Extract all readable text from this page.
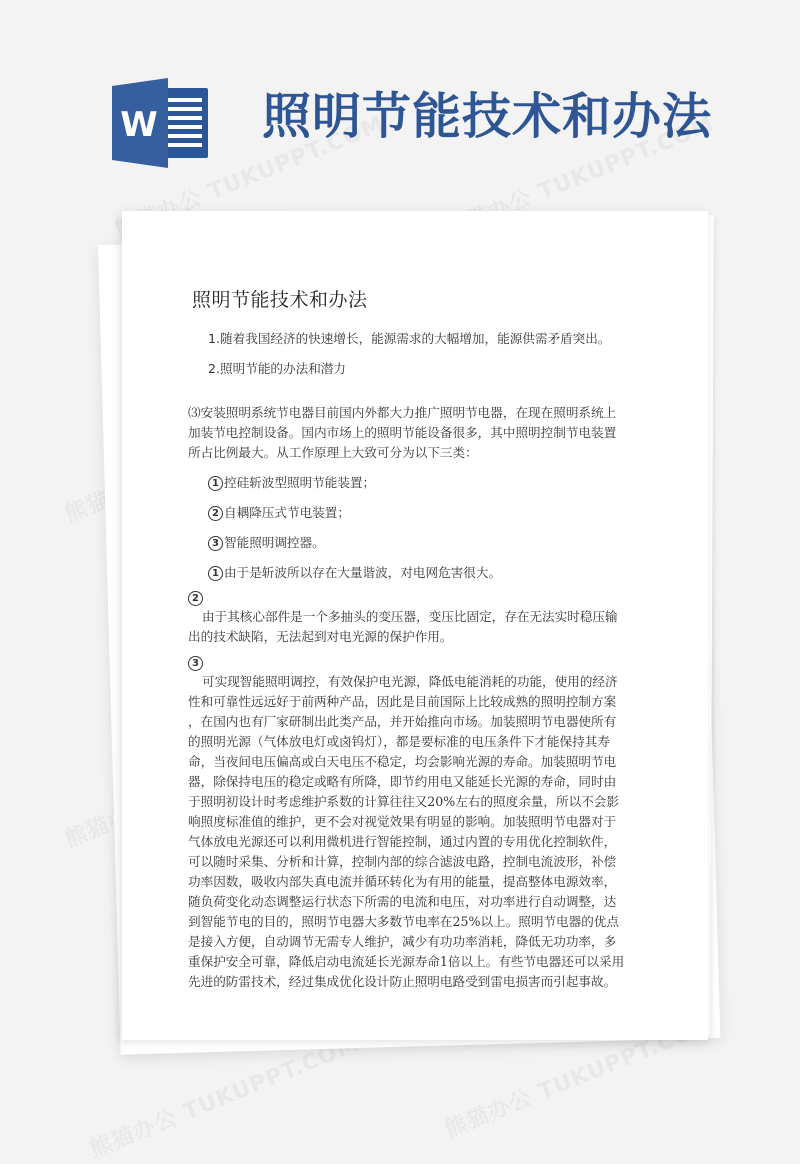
W 照明节能技术和办法
照明节能技术和办法
1.随着我国经济的快速增长，能源需求的大幅增加，能源供需矛盾突出。
2.照明节能的办法和潜力
⑶安装照明系统节电器目前国内外都大力推广照明节电器，在现在照明系统上
加装节电控制设备。国内市场上的照明节能设备很多，其中照明控制节电装置
所占比例最大。从工作原理上大致可分为以下三类：
1 控硅斩波型照明节能装置；
2 自耦降压式节电装置；
3 智能照明调控器。
1 由于是斩波所以存在大量谐波，对电网危害很大。
2
由于其核心部件是一个多抽头的变压器，变压比固定，存在无法实时稳压输
出的技术缺陷，无法起到对电光源的保护作用。
3
可实现智能照明调控，有效保护电光源，降低电能消耗的功能，使用的经济
性和可靠性远远好于前两种产品，因此是目前国际上比较成熟的照明控制方案
，在国内也有厂家研制出此类产品，并开始推向市场。加装照明节电器使所有
的照明光源（气体放电灯或卤钨灯），都是要标准的电压条件下才能保持其寿
命，当夜间电压偏高或白天电压不稳定，均会影响光源的寿命。加装照明节电
器，除保持电压的稳定或略有所降，即节约用电又能延长光源的寿命，同时由
于照明初设计时考虑维护系数的计算往往又20%左右的照度余量，所以不会影
响照度标准值的维护，更不会对视觉效果有明显的影响。加装照明节电器对于
气体放电光源还可以利用微机进行智能控制，通过内置的专用优化控制软件，
可以随时采集、分析和计算，控制内部的综合滤波电路，控制电流波形，补偿
功率因数，吸收内部失真电流并循环转化为有用的能量，提高整体电源效率，
随负荷变化动态调整运行状态下所需的电流和电压，对功率进行自动调整，达
到智能节电的目的，照明节电器大多数节电率在25%以上。照明节电器的优点
是接入方便，自动调节无需专人维护，减少有功功率消耗，降低无功功率，多
重保护安全可靠，降低启动电流延长光源寿命1倍以上。有些节电器还可以采用
先进的防雷技术，经过集成优化设计防止照明电路受到雷电损害而引起事故。
